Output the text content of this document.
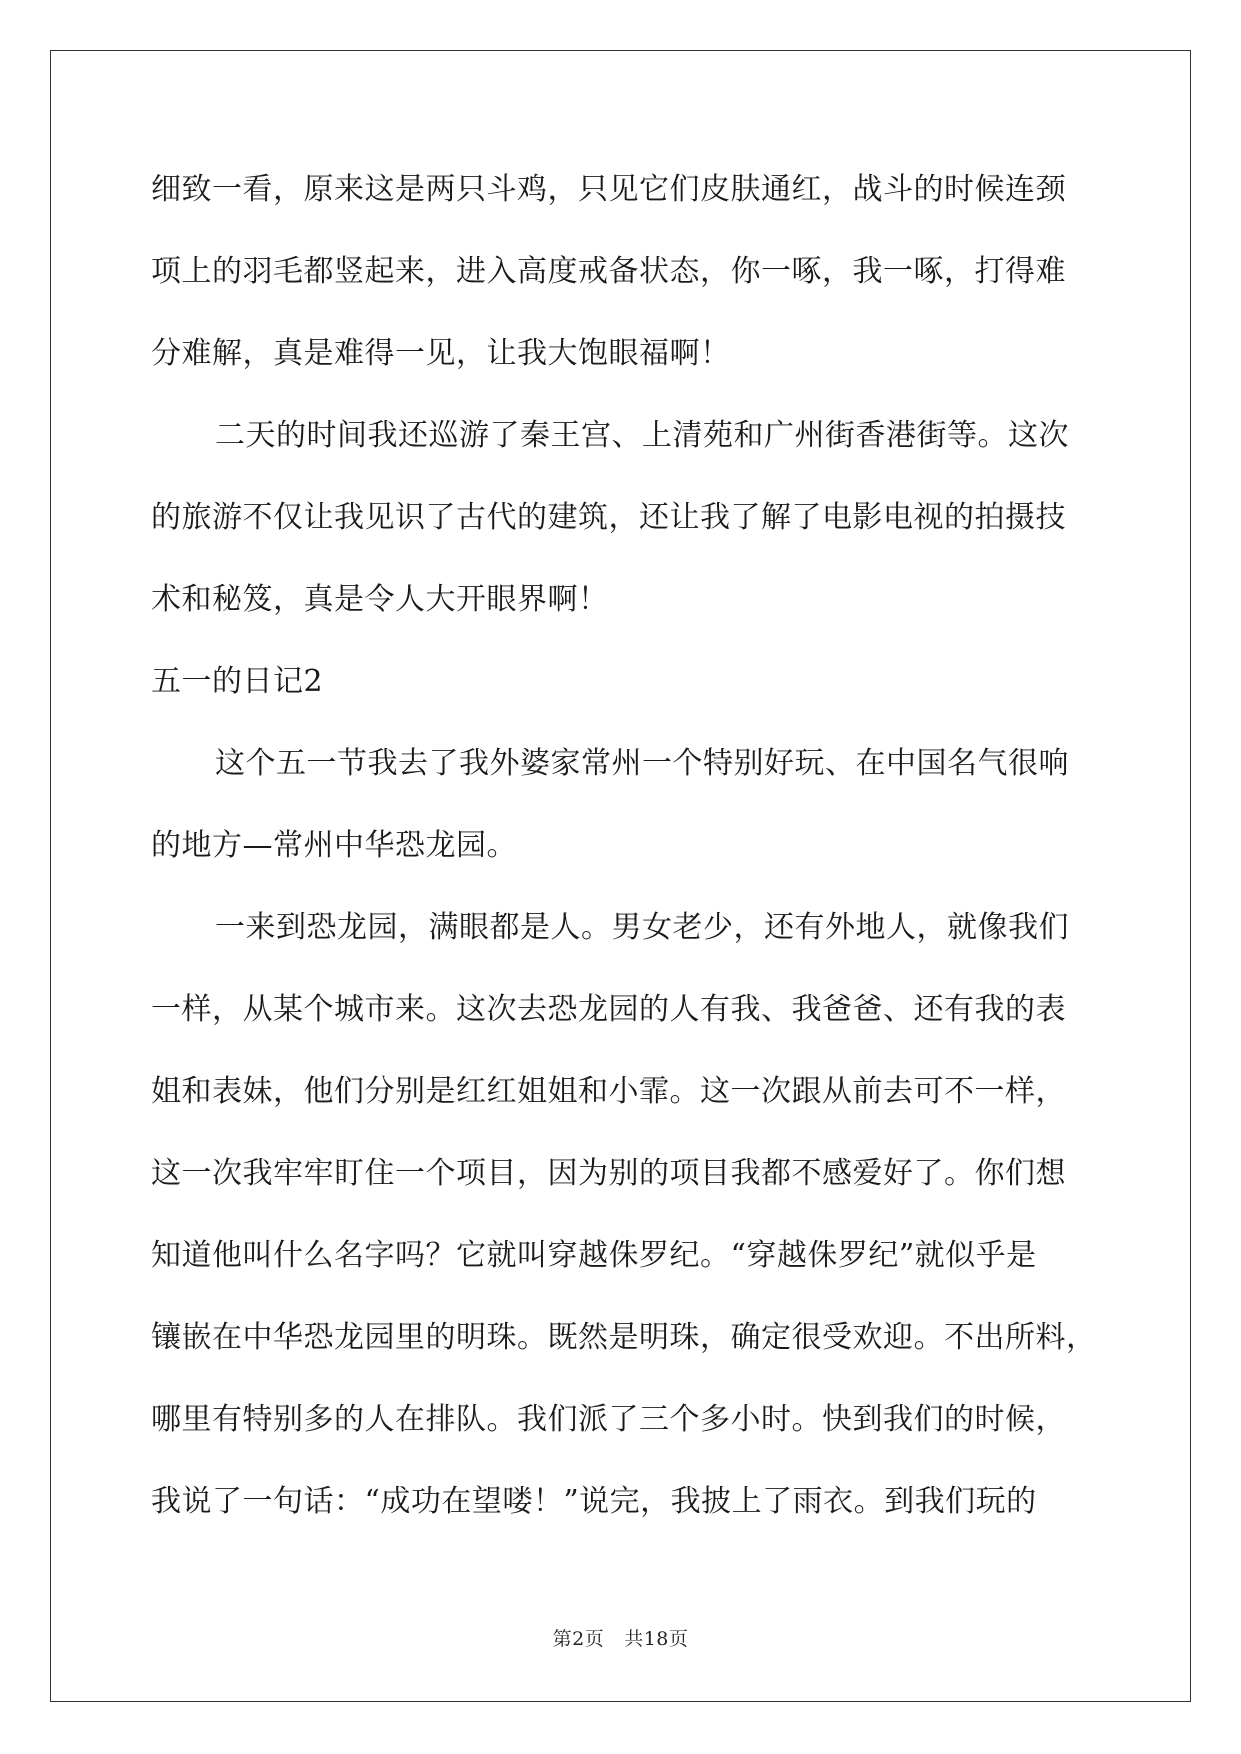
细致一看，原来这是两只斗鸡，只见它们皮肤通红，战斗的时候连颈
项上的羽毛都竖起来，进入高度戒备状态，你一啄，我一啄，打得难
分难解，真是难得一见，让我大饱眼福啊！
二天的时间我还巡游了秦王宫、上清苑和广州街香港街等。这次
的旅游不仅让我见识了古代的建筑，还让我了解了电影电视的拍摄技
术和秘笈，真是令人大开眼界啊！
五一的日记2
这个五一节我去了我外婆家常州一个特别好玩、在中国名气很响
的地方—常州中华恐龙园。
一来到恐龙园，满眼都是人。男女老少，还有外地人，就像我们
一样，从某个城市来。这次去恐龙园的人有我、我爸爸、还有我的表
姐和表妹，他们分别是红红姐姐和小霏。这一次跟从前去可不一样，
这一次我牢牢盯住一个项目，因为别的项目我都不感爱好了。你们想
知道他叫什么名字吗？它就叫穿越侏罗纪。“穿越侏罗纪”就似乎是
镶嵌在中华恐龙园里的明珠。既然是明珠，确定很受欢迎。不出所料，
哪里有特别多的人在排队。我们派了三个多小时。快到我们的时候，
我说了一句话：“成功在望喽！”说完，我披上了雨衣。到我们玩的
第2页 共18页
